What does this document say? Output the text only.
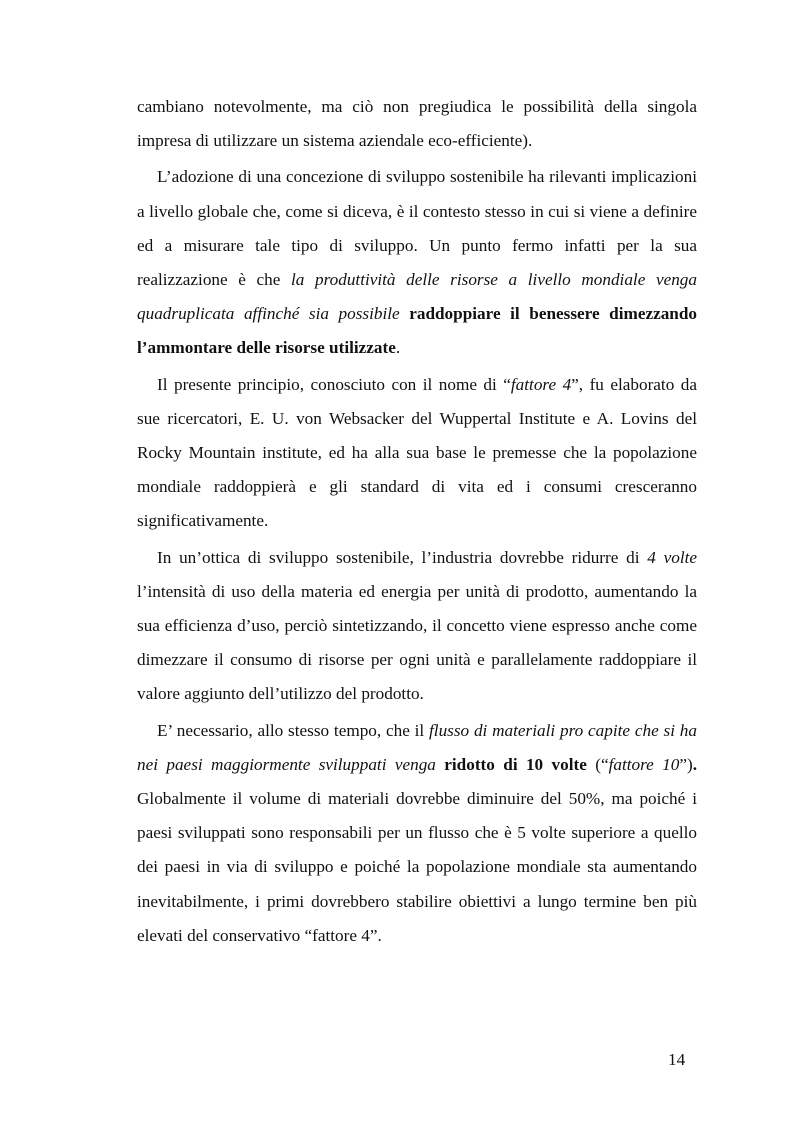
cambiano notevolmente, ma ciò non pregiudica le possibilità della singola impresa di utilizzare un sistema aziendale eco-efficiente).

L’adozione di una concezione di sviluppo sostenibile ha rilevanti implicazioni a livello globale che, come si diceva, è il contesto stesso in cui si viene a definire ed a misurare tale tipo di sviluppo. Un punto fermo infatti per la sua realizzazione è che la produttività delle risorse a livello mondiale venga quadruplicata affinché sia possibile raddoppiare il benessere dimezzando l’ammontare delle risorse utilizzate.

Il presente principio, conosciuto con il nome di “fattore 4”, fu elaborato da sue ricercatori, E. U. von Websacker del Wuppertal Institute e A. Lovins del Rocky Mountain institute, ed ha alla sua base le premesse che la popolazione mondiale raddoppierà e gli standard di vita ed i consumi cresceranno significativamente.

In un’ottica di sviluppo sostenibile, l’industria dovrebbe ridurre di 4 volte l’intensità di uso della materia ed energia per unità di prodotto, aumentando la sua efficienza d’uso, perciò sintetizzando, il concetto viene espresso anche come dimezzare il consumo di risorse per ogni unità e parallelamente raddoppiare il valore aggiunto dell’utilizzo del prodotto.

E’ necessario, allo stesso tempo, che il flusso di materiali pro capite che si ha nei paesi maggiormente sviluppati venga ridotto di 10 volte (“fattore 10”). Globalmente il volume di materiali dovrebbe diminuire del 50%, ma poiché i paesi sviluppati sono responsabili per un flusso che è 5 volte superiore a quello dei paesi in via di sviluppo e poiché la popolazione mondiale sta aumentando inevitabilmente, i primi dovrebbero stabilire obiettivi a lungo termine ben più elevati del conservativo “fattore 4”.

14
